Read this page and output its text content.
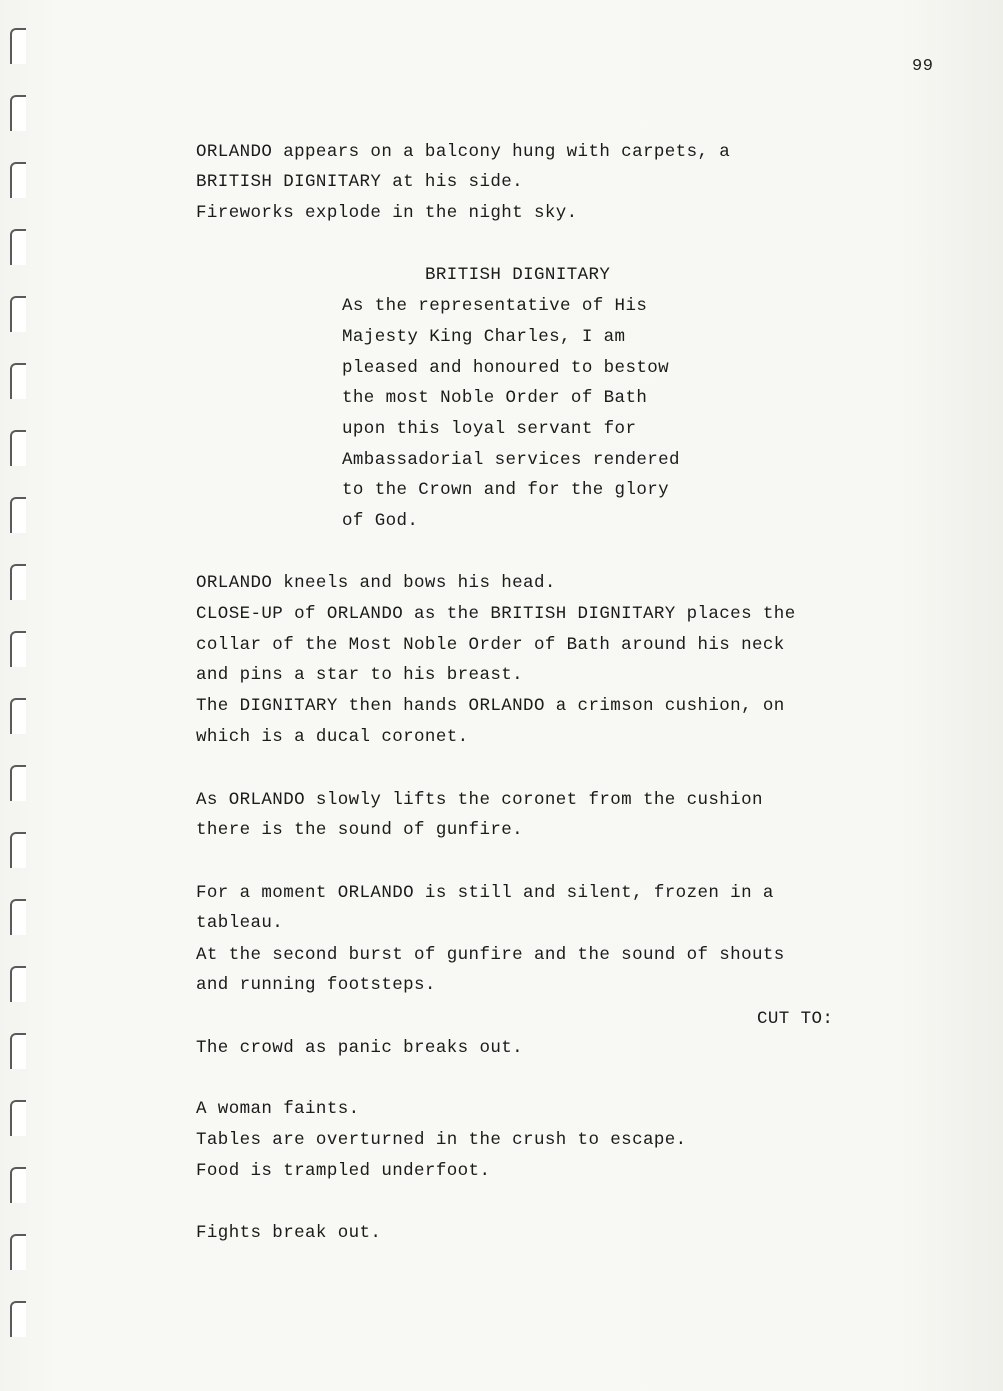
99
ORLANDO appears on a balcony hung with carpets, a
BRITISH DIGNITARY at his side.
Fireworks explode in the night sky.
BRITISH DIGNITARY
As the representative of His
Majesty King Charles, I am
pleased and honoured to bestow
the most Noble Order of Bath
upon this loyal servant for
Ambassadorial services rendered
to the Crown and for the glory
of God.
ORLANDO kneels and bows his head.
CLOSE-UP of ORLANDO as the BRITISH DIGNITARY places the
collar of the Most Noble Order of Bath around his neck
and pins a star to his breast.
The DIGNITARY then hands ORLANDO a crimson cushion, on
which is a ducal coronet.
As ORLANDO slowly lifts the coronet from the cushion
there is the sound of gunfire.
For a moment ORLANDO is still and silent, frozen in a
tableau.
At the second burst of gunfire and the sound of shouts
and running footsteps.
CUT TO:
The crowd as panic breaks out.
A woman faints.
Tables are overturned in the crush to escape.
Food is trampled underfoot.
Fights break out.
